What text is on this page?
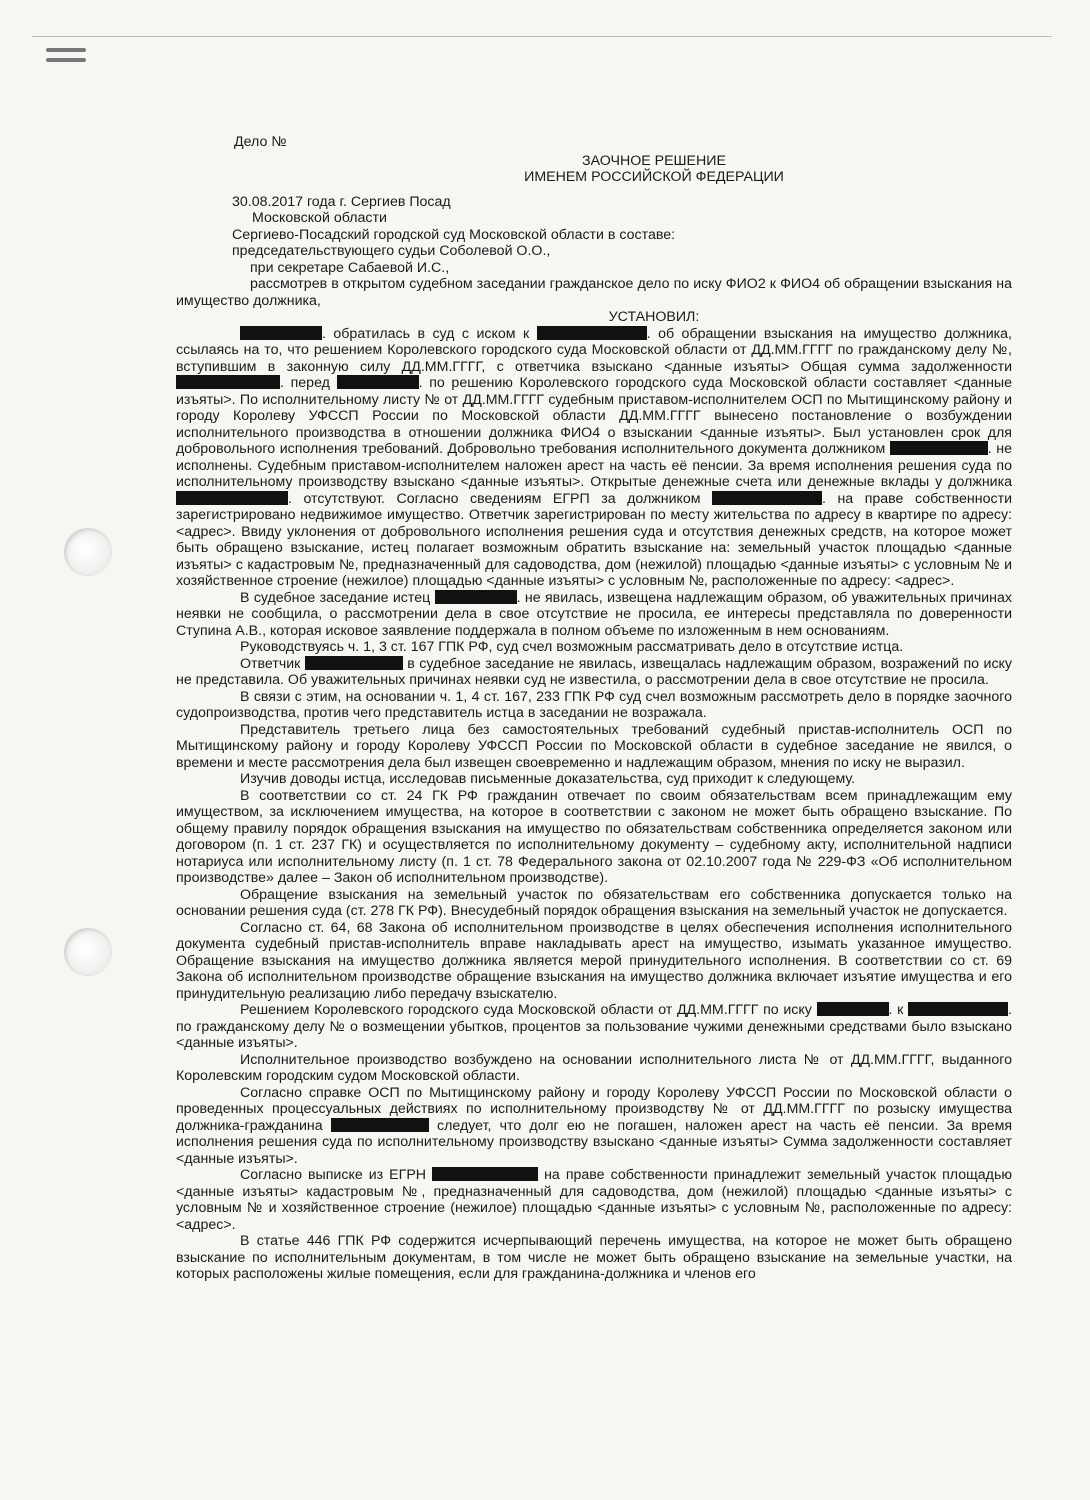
Дело №

ЗАОЧНОЕ РЕШЕНИЕ

ИМЕНЕМ РОССИЙСКОЙ ФЕДЕРАЦИИ

30.08.2017 года г. Сергиев Посад

Московской области

Сергиево-Посадский городской суд Московской области в составе:

председательствующего судьи Соболевой О.О.,

при секретаре Сабаевой И.С.,

рассмотрев в открытом судебном заседании гражданское дело по иску ФИО2 к ФИО4 об обращении взыскания на имущество должника,

УСТАНОВИЛ:

. обратилась в суд с иском к	. об обращении взыскания на имущество должника, ссылаясь на то, что решением Королевского городского суда Московской области от ДД.ММ.ГГГГ по гражданскому делу №, вступившим в законную силу ДД.ММ.ГГГГ, с ответчика взыскано <данные изъяты> Общая сумма задолженности . перед	. по решению Королевского городского суда Московской области составляет <данные изъяты>. По исполнительному листу № от ДД.ММ.ГГГГ судебным приставом-исполнителем ОСП по Мытищинскому району и городу Королеву УФССП России по Московской области ДД.ММ.ГГГГ вынесено постановление о возбуждении исполнительного производства в отношении должника ФИО4 о взыскании <данные изъяты>. Был установлен срок для добровольного исполнения требований. Добровольно требования исполнительного документа должником	. не исполнены. Судебным приставом-исполнителем наложен арест на часть её пенсии. За время исполнения решения суда по исполнительному производству взыскано <данные изъяты>. Открытые денежные счета или денежные вклады у должника . отсутствуют. Согласно сведениям ЕГРП за должником	. на праве собственности зарегистрировано недвижимое имущество. Ответчик зарегистрирован по месту жительства по адресу в квартире по адресу: <адрес>. Ввиду уклонения от добровольного исполнения решения суда и отсутствия денежных средств, на которое может быть обращено взыскание, истец полагает возможным обратить взыскание на: земельный участок площадью <данные изъяты> с кадастровым №, предназначенный для садоводства, дом (нежилой) площадью <данные изъяты> с условным № и хозяйственное строение (нежилое) площадью <данные изъяты> с условным №, расположенные по адресу: <адрес>.

В судебное заседание истец	. не явилась, извещена надлежащим образом, об уважительных причинах неявки не сообщила, о рассмотрении дела в свое отсутствие не просила, ее интересы представляла по доверенности Ступина А.В., которая исковое заявление поддержала в полном объеме по изложенным в нем основаниям.

Руководствуясь ч. 1, 3 ст. 167 ГПК РФ, суд счел возможным рассматривать дело в отсутствие истца.

Ответчик	в судебное заседание не явилась, извещалась надлежащим образом, возражений по иску не представила. Об уважительных причинах неявки суд не известила, о рассмотрении дела в свое отсутствие не просила.

В связи с этим, на основании ч. 1, 4 ст. 167, 233 ГПК РФ суд счел возможным рассмотреть дело в порядке заочного судопроизводства, против чего представитель истца в заседании не возражала.

Представитель третьего лица без самостоятельных требований судебный пристав-исполнитель ОСП по Мытищинскому району и городу Королеву УФССП России по Московской области в судебное заседание не явился, о времени и месте рассмотрения дела был извещен своевременно и надлежащим образом, мнения по иску не выразил.

Изучив доводы истца, исследовав письменные доказательства, суд приходит к следующему.

В соответствии со ст. 24 ГК РФ гражданин отвечает по своим обязательствам всем принадлежащим ему имуществом, за исключением имущества, на которое в соответствии с законом не может быть обращено взыскание. По общему правилу порядок обращения взыскания на имущество по обязательствам собственника определяется законом или договором (п. 1 ст. 237 ГК) и осуществляется по исполнительному документу – судебному акту, исполнительной надписи нотариуса или исполнительному листу (п. 1 ст. 78 Федерального закона от 02.10.2007 года № 229-ФЗ «Об исполнительном производстве» далее – Закон об исполнительном производстве).

Обращение взыскания на земельный участок по обязательствам его собственника допускается только на основании решения суда (ст. 278 ГК РФ). Внесудебный порядок обращения взыскания на земельный участок не допускается.

Согласно ст. 64, 68 Закона об исполнительном производстве в целях обеспечения исполнения исполнительного документа судебный пристав-исполнитель вправе накладывать арест на имущество, изымать указанное имущество. Обращение взыскания на имущество должника является мерой принудительного исполнения. В соответствии со ст. 69 Закона об исполнительном производстве обращение взыскания на имущество должника включает изъятие имущества и его принудительную реализацию либо передачу взыскателю.

Решением Королевского городского суда Московской области от ДД.ММ.ГГГГ по иску	. к	. по гражданскому делу № о возмещении убытков, процентов за пользование чужими денежными средствами было взыскано <данные изъяты>.

Исполнительное производство возбуждено на основании исполнительного листа № от ДД.ММ.ГГГГ, выданного Королевским городским судом Московской области.

Согласно справке ОСП по Мытищинскому району и городу Королеву УФССП России по Московской области о проведенных процессуальных действиях по исполнительному производству № от ДД.ММ.ГГГГ по розыску имущества должника-гражданина	следует, что долг ею не погашен, наложен арест на часть её пенсии. За время исполнения решения суда по исполнительному производству взыскано <данные изъяты> Сумма задолженности составляет <данные изъяты>.

Согласно выписке из ЕГРН	на праве собственности принадлежит земельный участок площадью <данные изъяты> кадастровым №, предназначенный для садоводства, дом (нежилой) площадью <данные изъяты> с условным № и хозяйственное строение (нежилое) площадью <данные изъяты> с условным №, расположенные по адресу: <адрес>.

В статье 446 ГПК РФ содержится исчерпывающий перечень имущества, на которое не может быть обращено взыскание по исполнительным документам, в том числе не может быть обращено взыскание на земельные участки, на которых расположены жилые помещения, если для гражданина-должника и членов его
